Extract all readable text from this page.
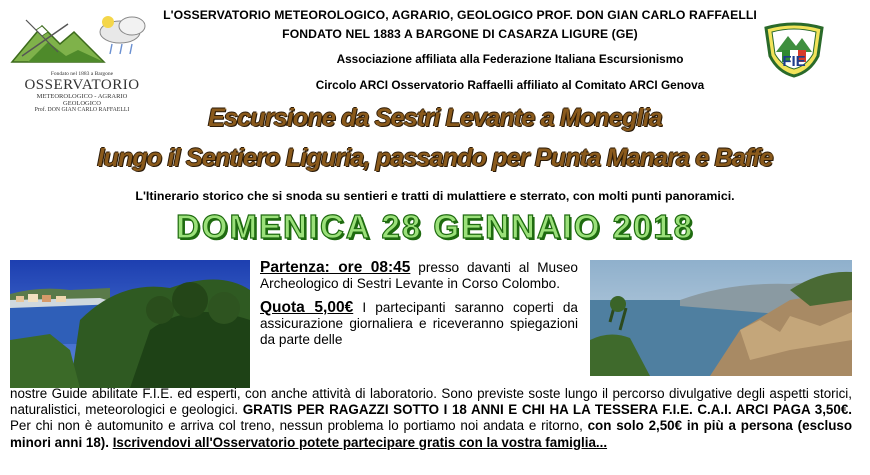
Fondato nel 1883 a Bargone
OSSERVATORIO
METEOROLOGICO - AGRARIO
GEOLOGICO
Prof. DON GIAN CARLO RAFFAELLI
FIE
L'OSSERVATORIO METEOROLOGICO, AGRARIO, GEOLOGICO PROF. DON GIAN CARLO RAFFAELLI
FONDATO NEL 1883 A BARGONE DI CASARZA LIGURE (GE)
Associazione affiliata alla Federazione Italiana Escursionismo
Circolo ARCI Osservatorio Raffaelli affiliato al Comitato ARCI Genova
Escursione da Sestri Levante a Moneglia
lungo il Sentiero Liguria, passando per Punta Manara e Baffe
L'Itinerario storico che si snoda su sentieri e tratti di mulattiere e sterrato, con molti punti panoramici.
DOMENICA 28 GENNAIO 2018

Partenza: ore 08:45 presso davanti al Museo Archeologico di Sestri Levante in Corso Colombo.

Quota 5,00€ I partecipanti saranno coperti da assicurazione giornaliera e riceveranno spiegazioni da parte delle

nostre Guide abilitate F.I.E. ed esperti, con anche attività di laboratorio. Sono previste soste lungo il percorso divulgative degli aspetti storici, naturalistici, meteorologici e geologici. GRATIS PER RAGAZZI SOTTO I 18 ANNI E CHI HA LA TESSERA F.I.E. C.A.I. ARCI PAGA 3,50€. Per chi non è automunito e arriva col treno, nessun problema lo portiamo noi andata e ritorno, con solo 2,50€ in più a persona (escluso minori anni 18). Iscrivendovi all'Osservatorio potete partecipare gratis con la vostra famiglia...
